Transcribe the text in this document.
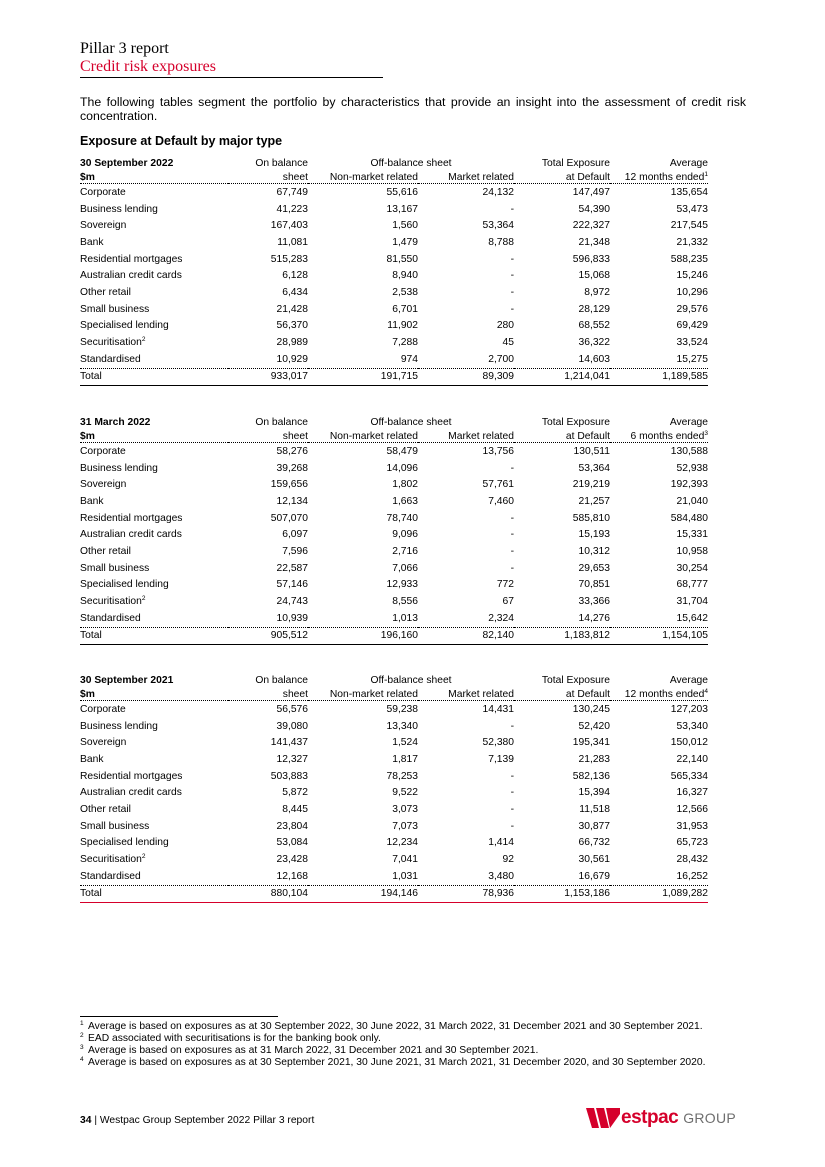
Pillar 3 report
Credit risk exposures
The following tables segment the portfolio by characteristics that provide an insight into the assessment of credit risk concentration.
Exposure at Default by major type
30 September 2022	On balance	Off-balance sheet		Total Exposure	Average
$m	sheet	Non-market related	Market related	at Default	12 months ended$^1$
Corporate	67,749	55,616	24,132	147,497	135,654
Business lending	41,223	13,167	-	54,390	53,473
Sovereign	167,403	1,560	53,364	222,327	217,545
Bank	11,081	1,479	8,788	21,348	21,332
Residential mortgages	515,283	81,550	-	596,833	588,235
Australian credit cards	6,128	8,940	-	15,068	15,246
Other retail	6,434	2,538	-	8,972	10,296
Small business	21,428	6,701	-	28,129	29,576
Specialised lending	56,370	11,902	280	68,552	69,429
Securitisation$^2$	28,989	7,288	45	36,322	33,524
Standardised	10,929	974	2,700	14,603	15,275
Total	933,017	191,715	89,309	1,214,041	1,189,585
31 March 2022	On balance	Off-balance sheet		Total Exposure	Average
$m	sheet	Non-market related	Market related	at Default	6 months ended$^3$
Corporate	58,276	58,479	13,756	130,511	130,588
Business lending	39,268	14,096	-	53,364	52,938
Sovereign	159,656	1,802	57,761	219,219	192,393
Bank	12,134	1,663	7,460	21,257	21,040
Residential mortgages	507,070	78,740	-	585,810	584,480
Australian credit cards	6,097	9,096	-	15,193	15,331
Other retail	7,596	2,716	-	10,312	10,958
Small business	22,587	7,066	-	29,653	30,254
Specialised lending	57,146	12,933	772	70,851	68,777
Securitisation$^2$	24,743	8,556	67	33,366	31,704
Standardised	10,939	1,013	2,324	14,276	15,642
Total	905,512	196,160	82,140	1,183,812	1,154,105
30 September 2021	On balance	Off-balance sheet		Total Exposure	Average
$m	sheet	Non-market related	Market related	at Default	12 months ended$^4$
Corporate	56,576	59,238	14,431	130,245	127,203
Business lending	39,080	13,340	-	52,420	53,340
Sovereign	141,437	1,524	52,380	195,341	150,012
Bank	12,327	1,817	7,139	21,283	22,140
Residential mortgages	503,883	78,253	-	582,136	565,334
Australian credit cards	5,872	9,522	-	15,394	16,327
Other retail	8,445	3,073	-	11,518	12,566
Small business	23,804	7,073	-	30,877	31,953
Specialised lending	53,084	12,234	1,414	66,732	65,723
Securitisation$^2$	23,428	7,041	92	30,561	28,432
Standardised	12,168	1,031	3,480	16,679	16,252
Total	880,104	194,146	78,936	1,153,186	1,089,282
1 Average is based on exposures as at 30 September 2022, 30 June 2022, 31 March 2022, 31 December 2021 and 30 September 2021.
2 EAD associated with securitisations is for the banking book only.
3 Average is based on exposures as at 31 March 2022, 31 December 2021 and 30 September 2021.
4 Average is based on exposures as at 30 September 2021, 30 June 2021, 31 March 2021, 31 December 2020, and 30 September 2020.
34 | Westpac Group September 2022 Pillar 3 report	estpac GROUP
